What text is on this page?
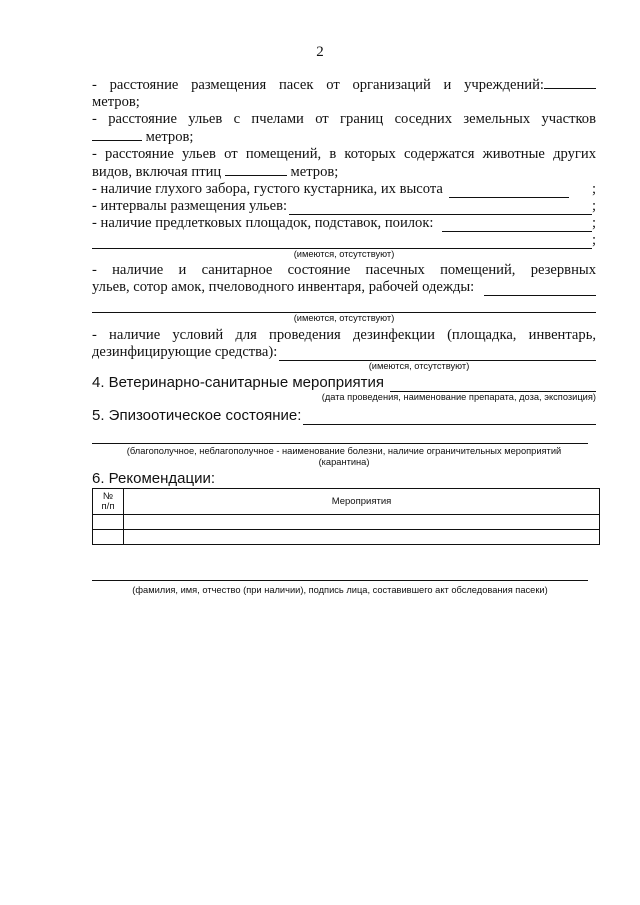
2
- расстояние размещения пасек от организаций и учреждений:
метров;
- расстояние ульев с пчелами от границ соседних земельных участков
метров;
- расстояние ульев от помещений, в которых содержатся животные других
видов, включая птиц	метров;
- наличие глухого забора, густого кустарника, их высота	;
- интервалы размещения ульев:	;
- наличие предлетковых площадок, подставок, поилок:	;
;
(имеются, отсутствуют)
- наличие и санитарное состояние пасечных помещений, резервных
ульев, сотор амок, пчеловодного инвентаря, рабочей одежды:
(имеются, отсутствуют)
- наличие условий для проведения дезинфекции (площадка, инвентарь,
дезинфицирующие средства):
(имеются, отсутствуют)
4. Ветеринарно-санитарные мероприятия
(дата проведения, наименование препарата, доза, экспозиция)
5. Эпизоотическое состояние:
(благополучное, неблагополучное - наименование болезни, наличие ограничительных мероприятий
(карантина)
6. Рекомендации:
№
п/п	Мероприятия

(фамилия, имя, отчество (при наличии), подпись лица, составившего акт обследования пасеки)
